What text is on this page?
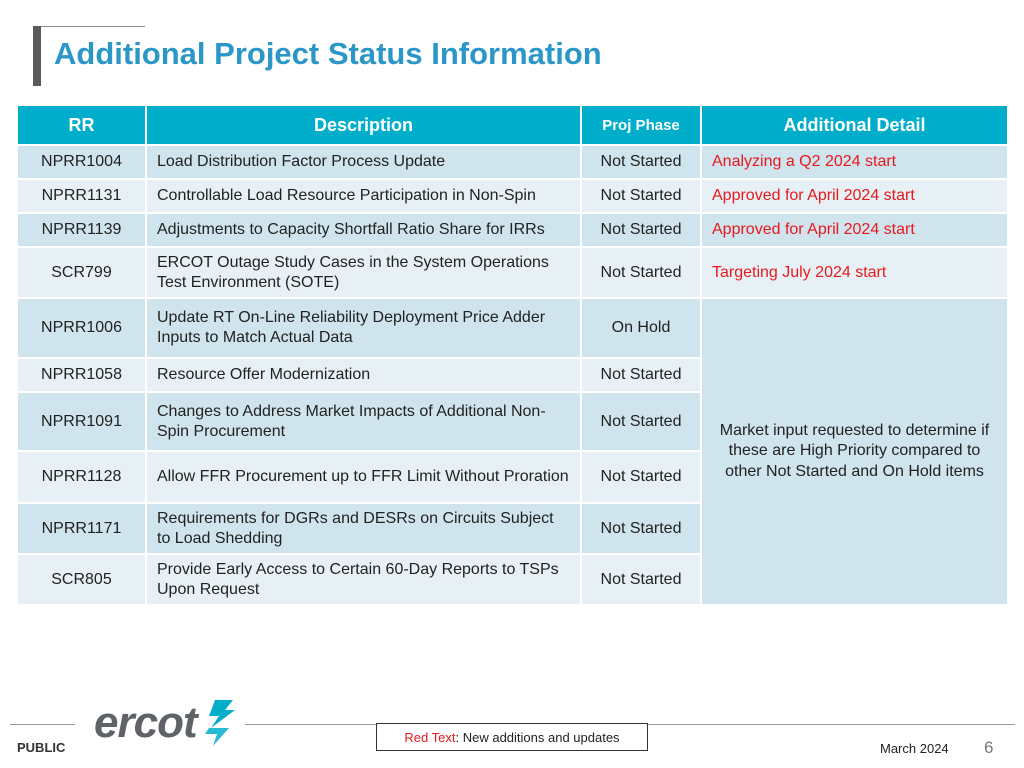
Additional Project Status Information
RR	Description	Proj Phase	Additional Detail
NPRR1004	Load Distribution Factor Process Update	Not Started	Analyzing a Q2 2024 start
NPRR1131	Controllable Load Resource Participation in Non-Spin	Not Started	Approved for April 2024 start
NPRR1139	Adjustments to Capacity Shortfall Ratio Share for IRRs	Not Started	Approved for April 2024 start
SCR799	ERCOT Outage Study Cases in the System Operations Test Environment (SOTE)	Not Started	Targeting July 2024 start
NPRR1006	Update RT On-Line Reliability Deployment Price Adder Inputs to Match Actual Data	On Hold	Market input requested to determine if these are High Priority compared to other Not Started and On Hold items
NPRR1058	Resource Offer Modernization	Not Started	
NPRR1091	Changes to Address Market Impacts of Additional Non-Spin Procurement	Not Started	
NPRR1128	Allow FFR Procurement up to FFR Limit Without Proration	Not Started	
NPRR1171	Requirements for DGRs and DESRs on Circuits Subject to Load Shedding	Not Started	
SCR805	Provide Early Access to Certain 60-Day Reports to TSPs Upon Request	Not Started	
ercot
PUBLIC
Red Text: New additions and updates
March 2024 6
